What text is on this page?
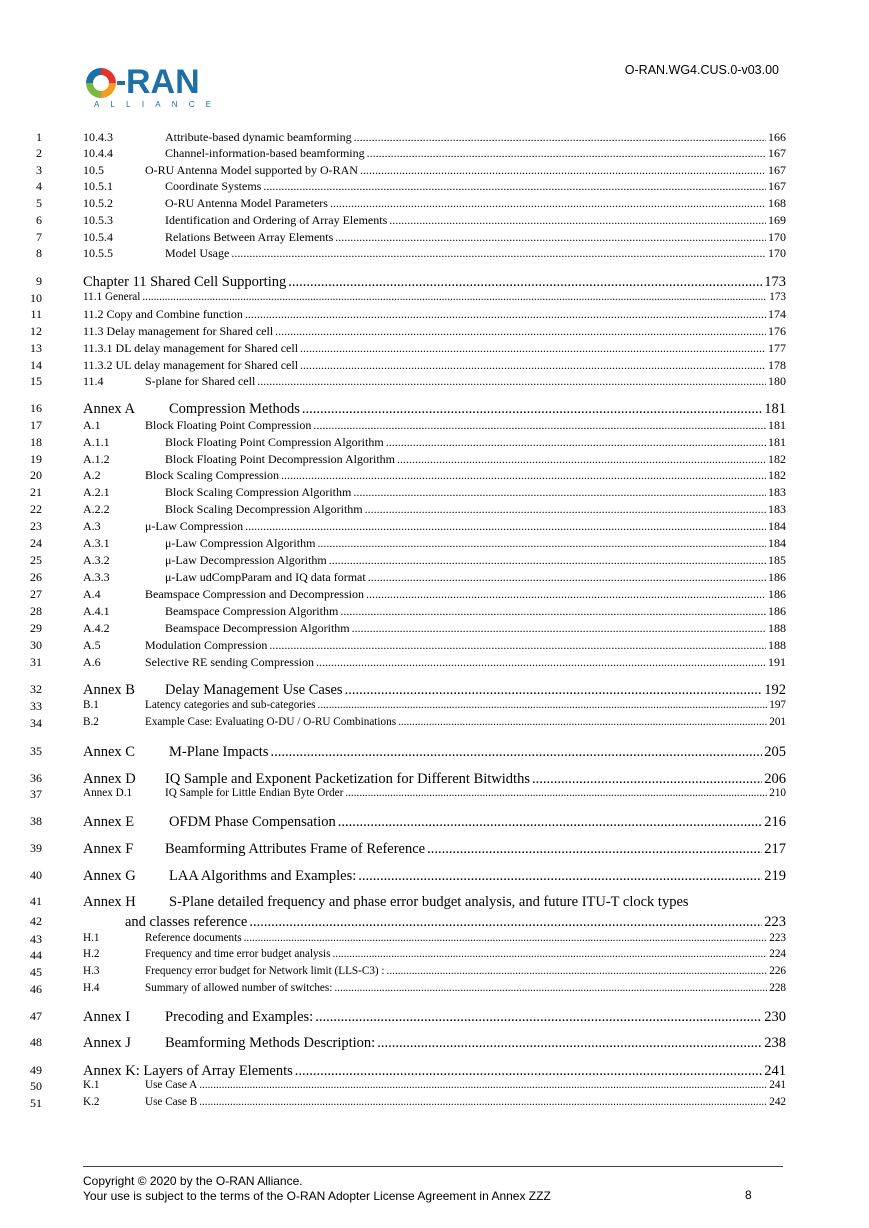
O-RAN.WG4.CUS.0-v03.00
RAN
ALLIANCE
1	10.4.3	Attribute-based dynamic beamforming .....	166
2	10.4.4	Channel-information-based beamforming .....	167
3	10.5	O-RU Antenna Model supported by O-RAN .....	167
4	10.5.1	Coordinate Systems .....	167
5	10.5.2	O-RU Antenna Model Parameters .....	168
6	10.5.3	Identification and Ordering of Array Elements .....	169
7	10.5.4	Relations Between Array Elements .....	170
8	10.5.5	Model Usage .....	170
9	Chapter 11 Shared Cell Supporting .....	173
10	11.1 General .....	173
11	11.2 Copy and Combine function .....	174
12	11.3 Delay management for Shared cell .....	176
13	11.3.1 DL delay management for Shared cell .....	177
14	11.3.2 UL delay management for Shared cell .....	178
15	11.4	S-plane for Shared cell .....	180
16	Annex A	Compression Methods .....	181
17	A.1	Block Floating Point Compression .....	181
18	A.1.1	Block Floating Point Compression Algorithm .....	181
19	A.1.2	Block Floating Point Decompression Algorithm .....	182
20	A.2	Block Scaling Compression .....	182
21	A.2.1	Block Scaling Compression Algorithm .....	183
22	A.2.2	Block Scaling Decompression Algorithm .....	183
23	A.3	μ-Law Compression .....	184
24	A.3.1	μ-Law Compression Algorithm .....	184
25	A.3.2	μ-Law Decompression Algorithm .....	185
26	A.3.3	μ-Law udCompParam and IQ data format .....	186
27	A.4	Beamspace Compression and Decompression .....	186
28	A.4.1	Beamspace Compression Algorithm .....	186
29	A.4.2	Beamspace Decompression Algorithm .....	188
30	A.5	Modulation Compression .....	188
31	A.6	Selective RE sending Compression .....	191
32	Annex B	Delay Management Use Cases .....	192
33	B.1	Latency categories and sub-categories .....	197
34	B.2	Example Case: Evaluating O-DU / O-RU Combinations .....	201
35	Annex C	M-Plane Impacts .....	205
36	Annex D	IQ Sample and Exponent Packetization for Different Bitwidths .....	206
37	Annex D.1	IQ Sample for Little Endian Byte Order .....	210
38	Annex E	OFDM Phase Compensation .....	216
39	Annex F	Beamforming Attributes Frame of Reference .....	217
40	Annex G	LAA Algorithms and Examples: .....	219
41	Annex H	S-Plane detailed frequency and phase error budget analysis, and future ITU-T clock types
42	and classes reference .....	223
43	H.1	Reference documents .....	223
44	H.2	Frequency and time error budget analysis .....	224
45	H.3	Frequency error budget for Network limit (LLS-C3) : .....	226
46	H.4	Summary of allowed number of switches: .....	228
47	Annex I	Precoding and Examples: .....	230
48	Annex J	Beamforming Methods Description: .....	238
49	Annex K: Layers of Array Elements .....	241
50	K.1	Use Case A .....	241
51	K.2	Use Case B .....	242
Copyright © 2020 by the O-RAN Alliance.
Your use is subject to the terms of the O-RAN Adopter License Agreement in Annex ZZZ	8
